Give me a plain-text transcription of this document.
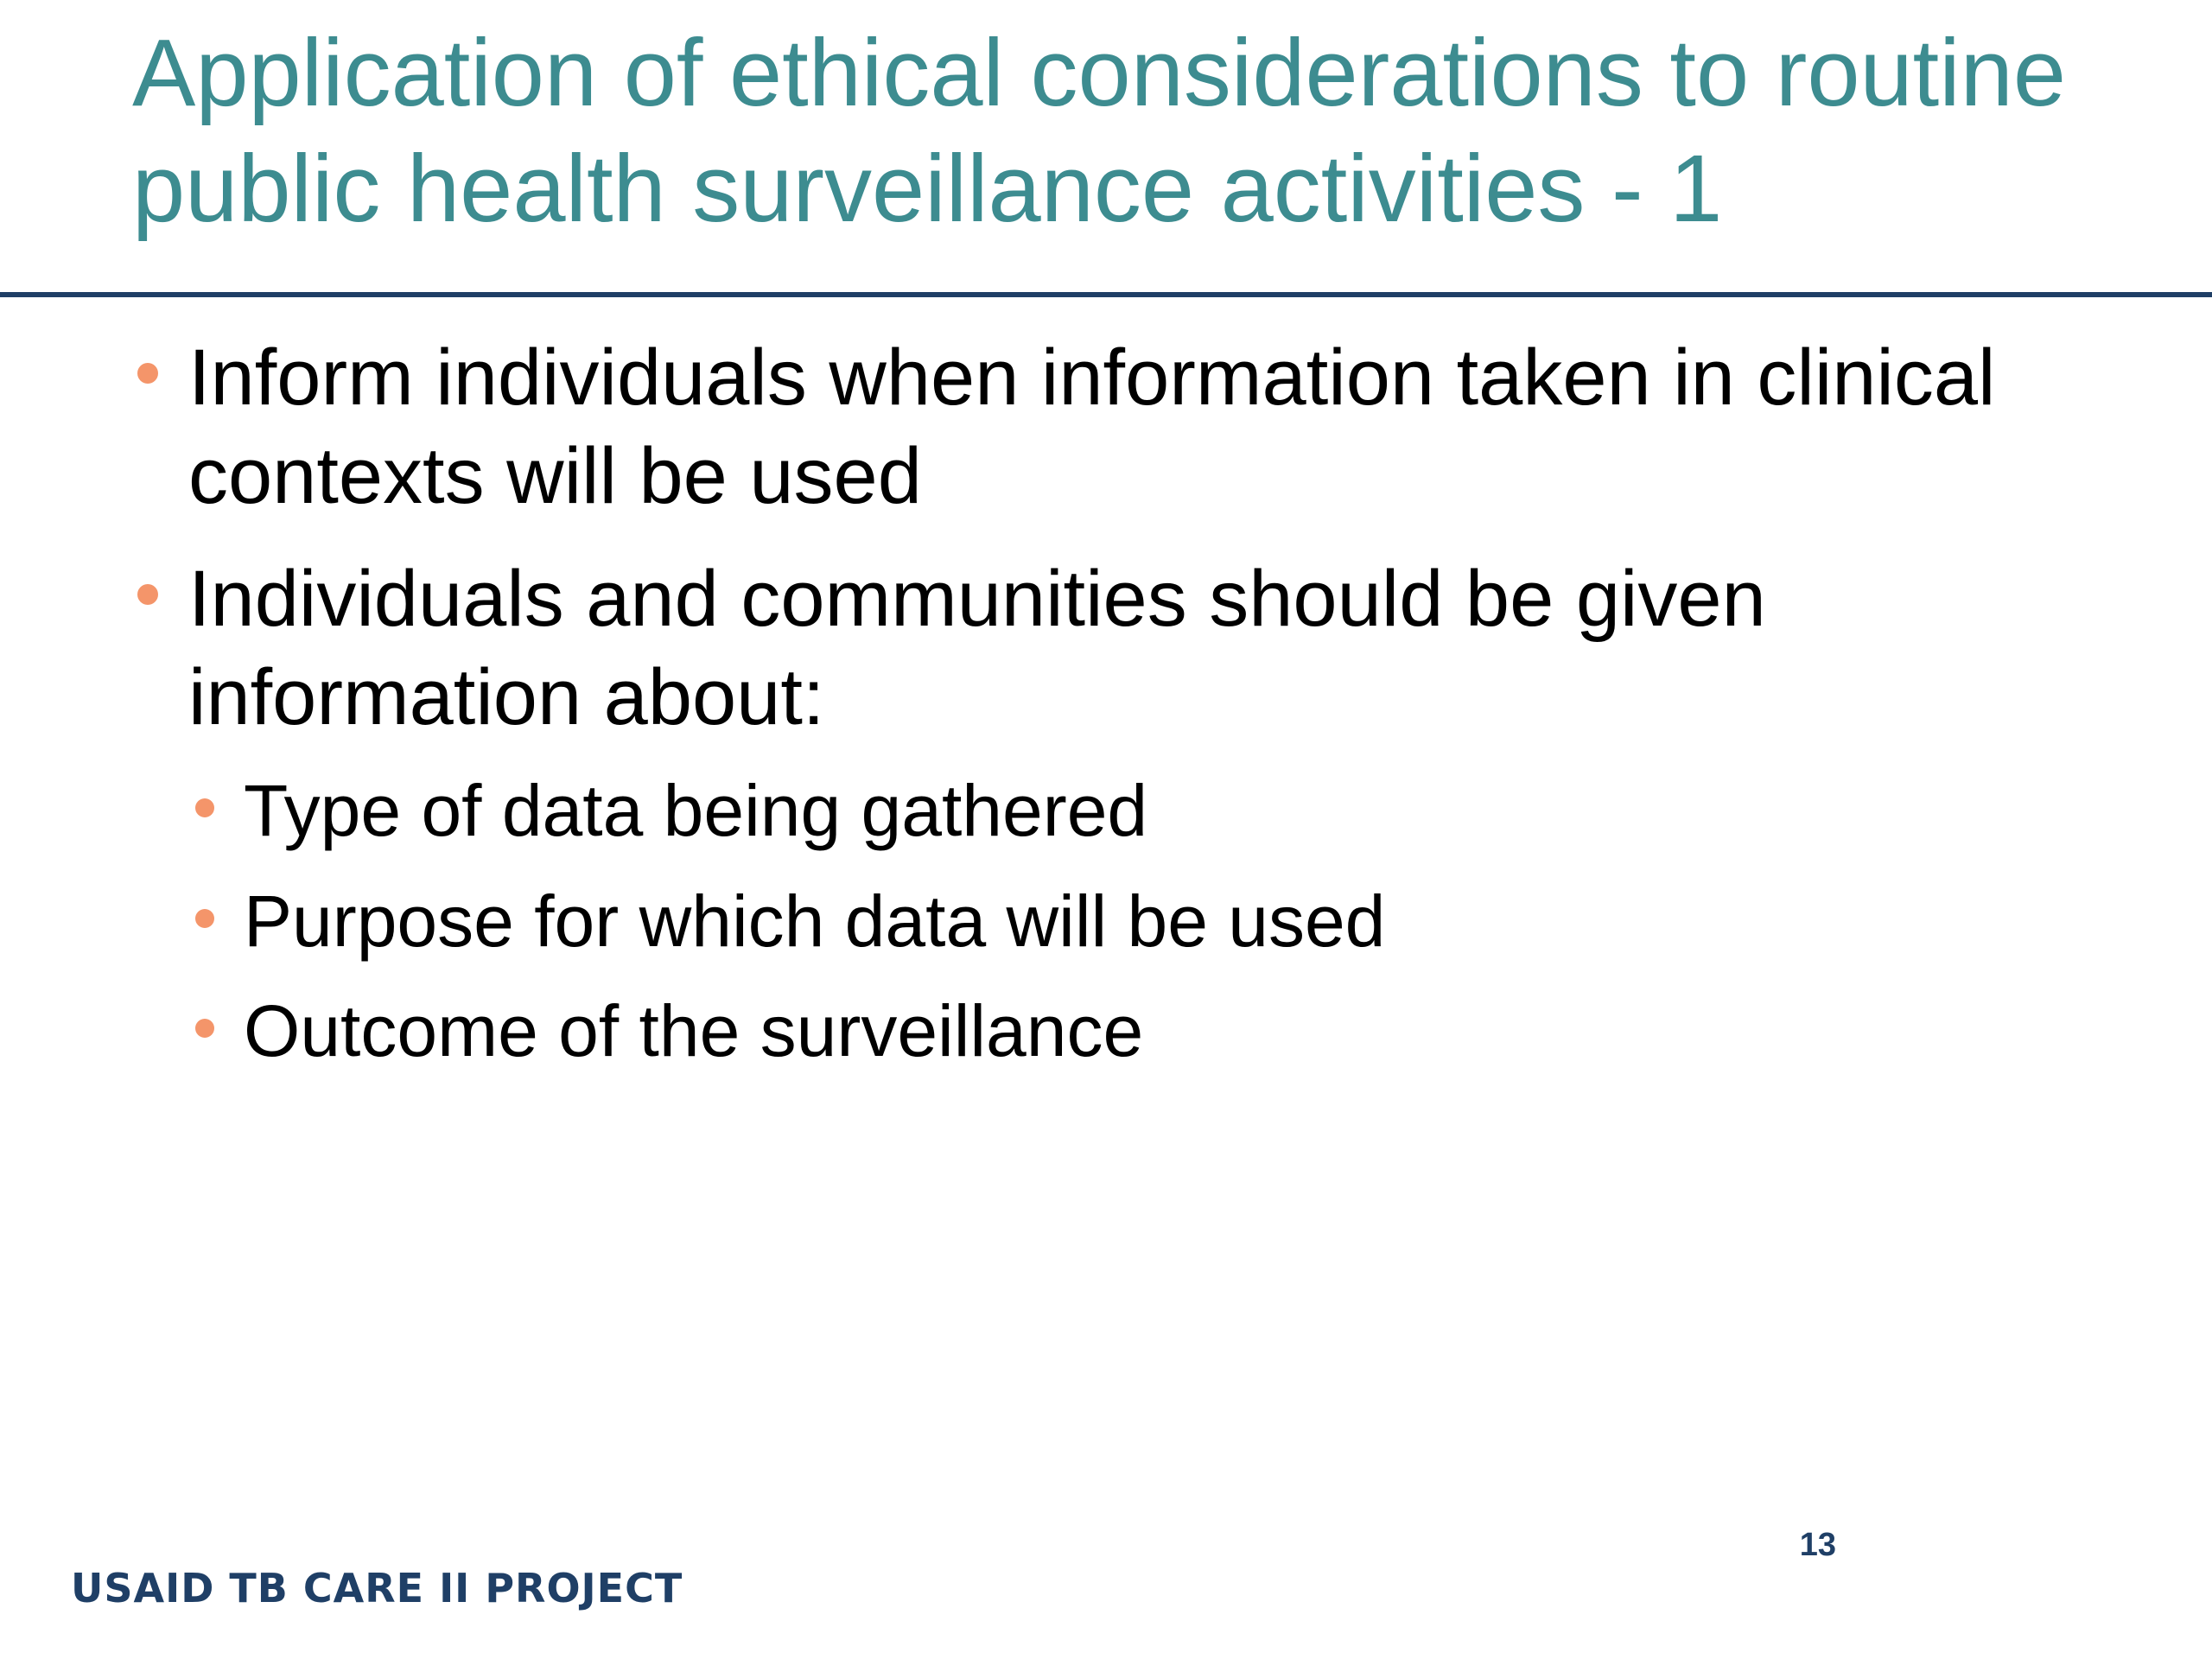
Application of ethical considerations to routine public health surveillance activities - 1
Inform individuals when information taken in clinical contexts will be used
Individuals and communities should be given information about:
Type of data being gathered
Purpose for which data will be used
Outcome of the surveillance
13
USAID TB CARE II PROJECT
